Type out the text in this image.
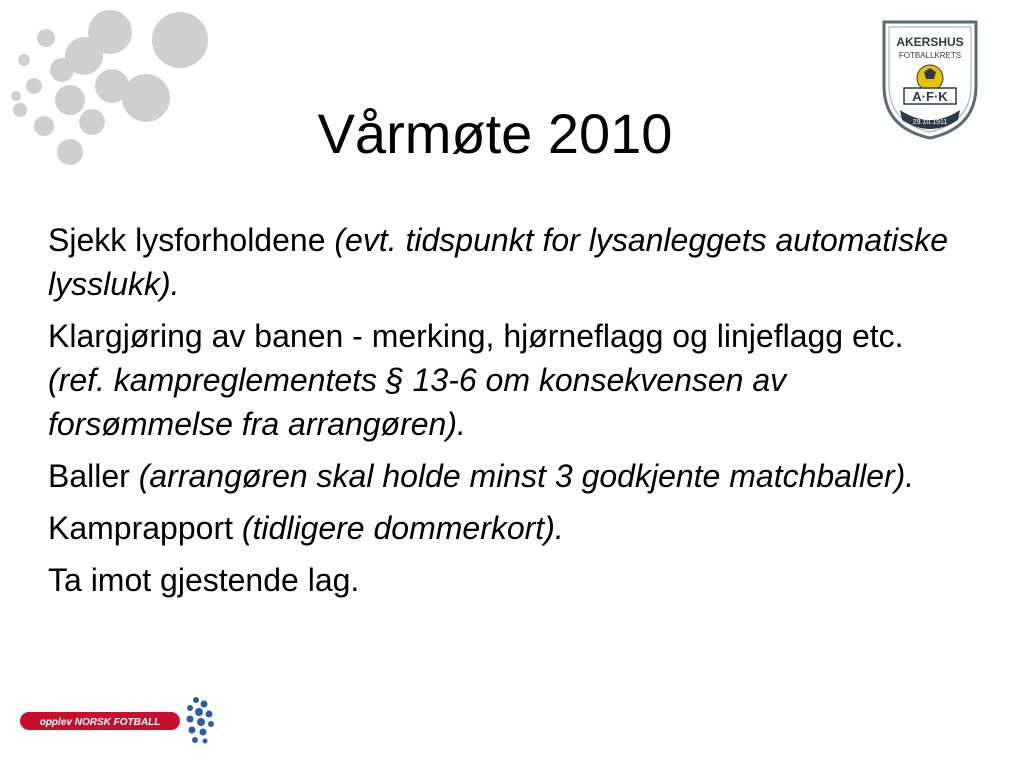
Vårmøte 2010
AKERSHUS
FOTBALLKRETS
A·F·K
29.10.1911

Sjekk lysforholdene (evt. tidspunkt for lysanleggets automatiske lysslukk).

Klargjøring av banen - merking, hjørneflagg og linjeflagg etc. (ref. kampreglementets § 13-6 om konsekvensen av forsømmelse fra arrangøren).

Baller (arrangøren skal holde minst 3 godkjente matchballer).

Kamprapport (tidligere dommerkort).

Ta imot gjestende lag.

opplev NORSK FOTBALL
